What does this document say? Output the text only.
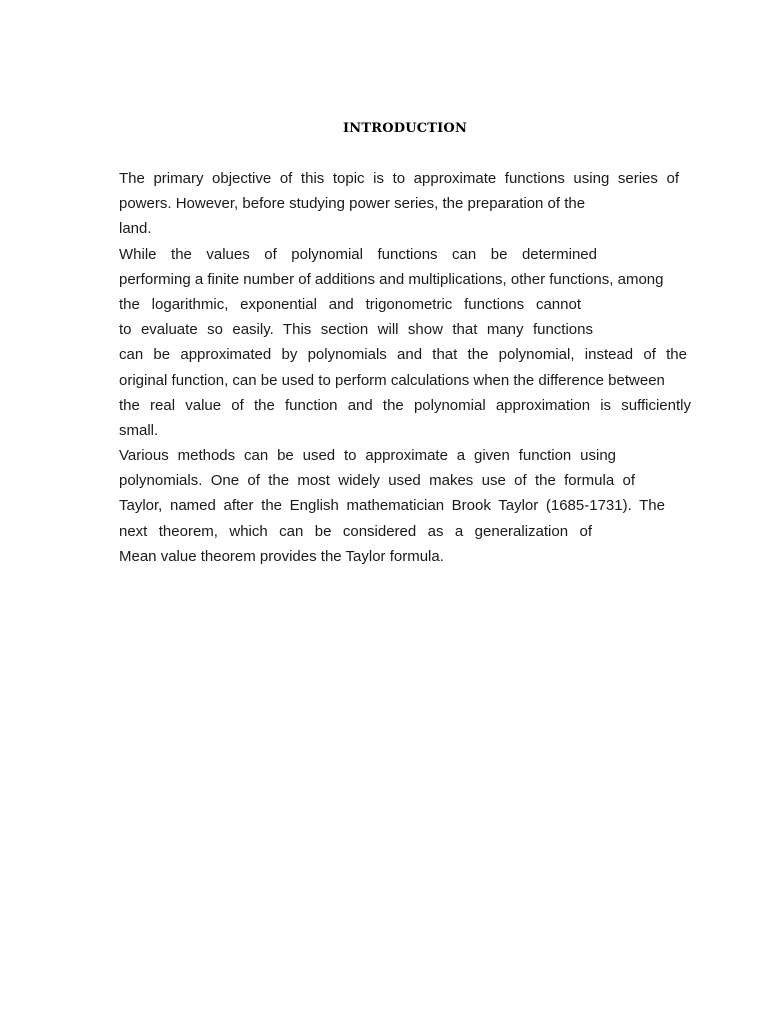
INTRODUCTION
The primary objective of this topic is to approximate functions using series of
powers. However, before studying power series, the preparation of the
land.
While the values of polynomial functions can be determined
performing a finite number of additions and multiplications, other functions, among
the logarithmic, exponential and trigonometric functions cannot
to evaluate so easily. This section will show that many functions
can be approximated by polynomials and that the polynomial, instead of the
original function, can be used to perform calculations when the difference between
the real value of the function and the polynomial approximation is sufficiently
small.
Various methods can be used to approximate a given function using
polynomials. One of the most widely used makes use of the formula of
Taylor, named after the English mathematician Brook Taylor (1685-1731). The
next theorem, which can be considered as a generalization of
Mean value theorem provides the Taylor formula.
